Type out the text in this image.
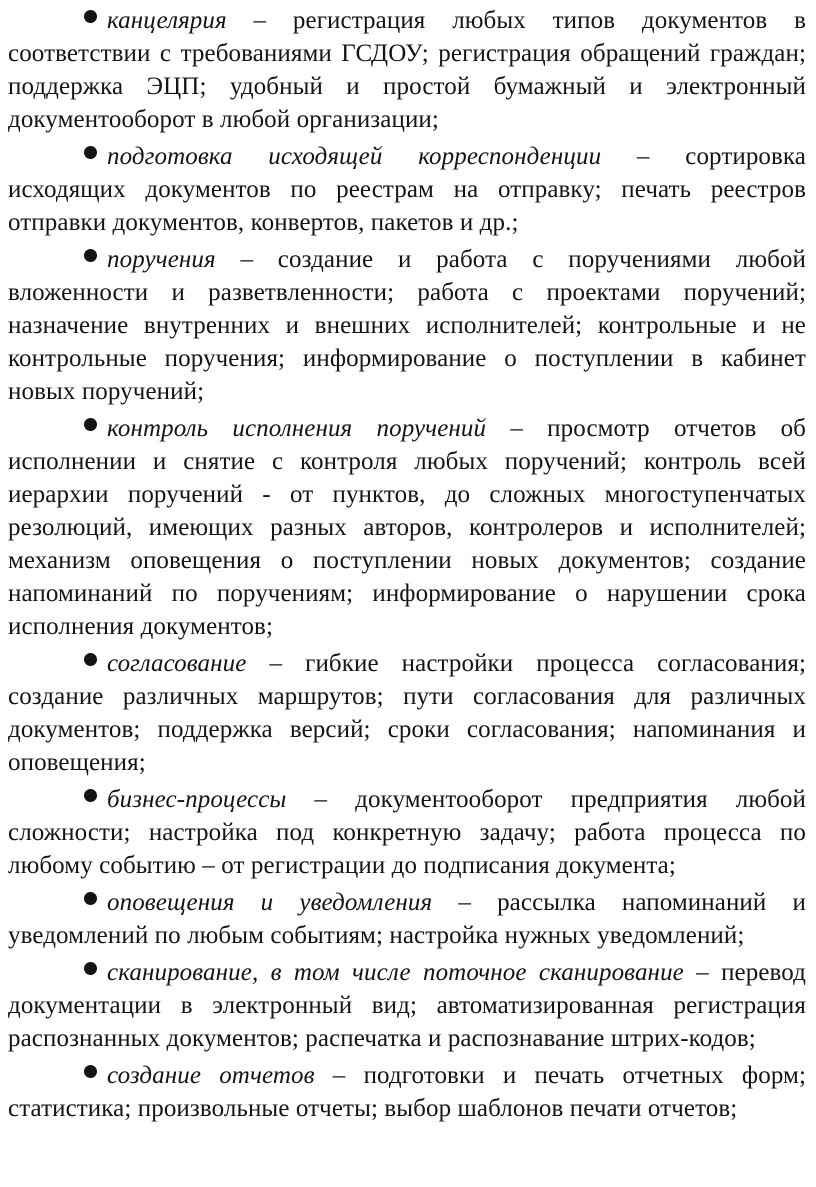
канцелярия – регистрация любых типов документов в соответствии с требованиями ГСДОУ; регистрация обращений граждан; поддержка ЭЦП; удобный и простой бумажный и электронный документооборот в любой организации;

подготовка исходящей корреспонденции – сортировка исходящих документов по реестрам на отправку; печать реестров отправки документов, конвертов, пакетов и др.;

поручения – создание и работа с поручениями любой вложенности и разветвленности; работа с проектами поручений; назначение внутренних и внешних исполнителей; контрольные и не контрольные поручения; информирование о поступлении в кабинет новых поручений;

контроль исполнения поручений – просмотр отчетов об исполнении и снятие с контроля любых поручений; контроль всей иерархии поручений - от пунктов, до сложных многоступенчатых резолюций, имеющих разных авторов, контролеров и исполнителей; механизм оповещения о поступлении новых документов; создание напоминаний по поручениям; информирование о нарушении срока исполнения документов;

согласование – гибкие настройки процесса согласования; создание различных маршрутов; пути согласования для различных документов; поддержка версий; сроки согласования; напоминания и оповещения;

бизнес-процессы – документооборот предприятия любой сложности; настройка под конкретную задачу; работа процесса по любому событию – от регистрации до подписания документа;

оповещения и уведомления – рассылка напоминаний и уведомлений по любым событиям; настройка нужных уведомлений;

сканирование, в том числе поточное сканирование – перевод документации в электронный вид; автоматизированная регистрация распознанных документов; распечатка и распознавание штрих-кодов;

создание отчетов – подготовки и печать отчетных форм; статистика; произвольные отчеты; выбор шаблонов печати отчетов;
